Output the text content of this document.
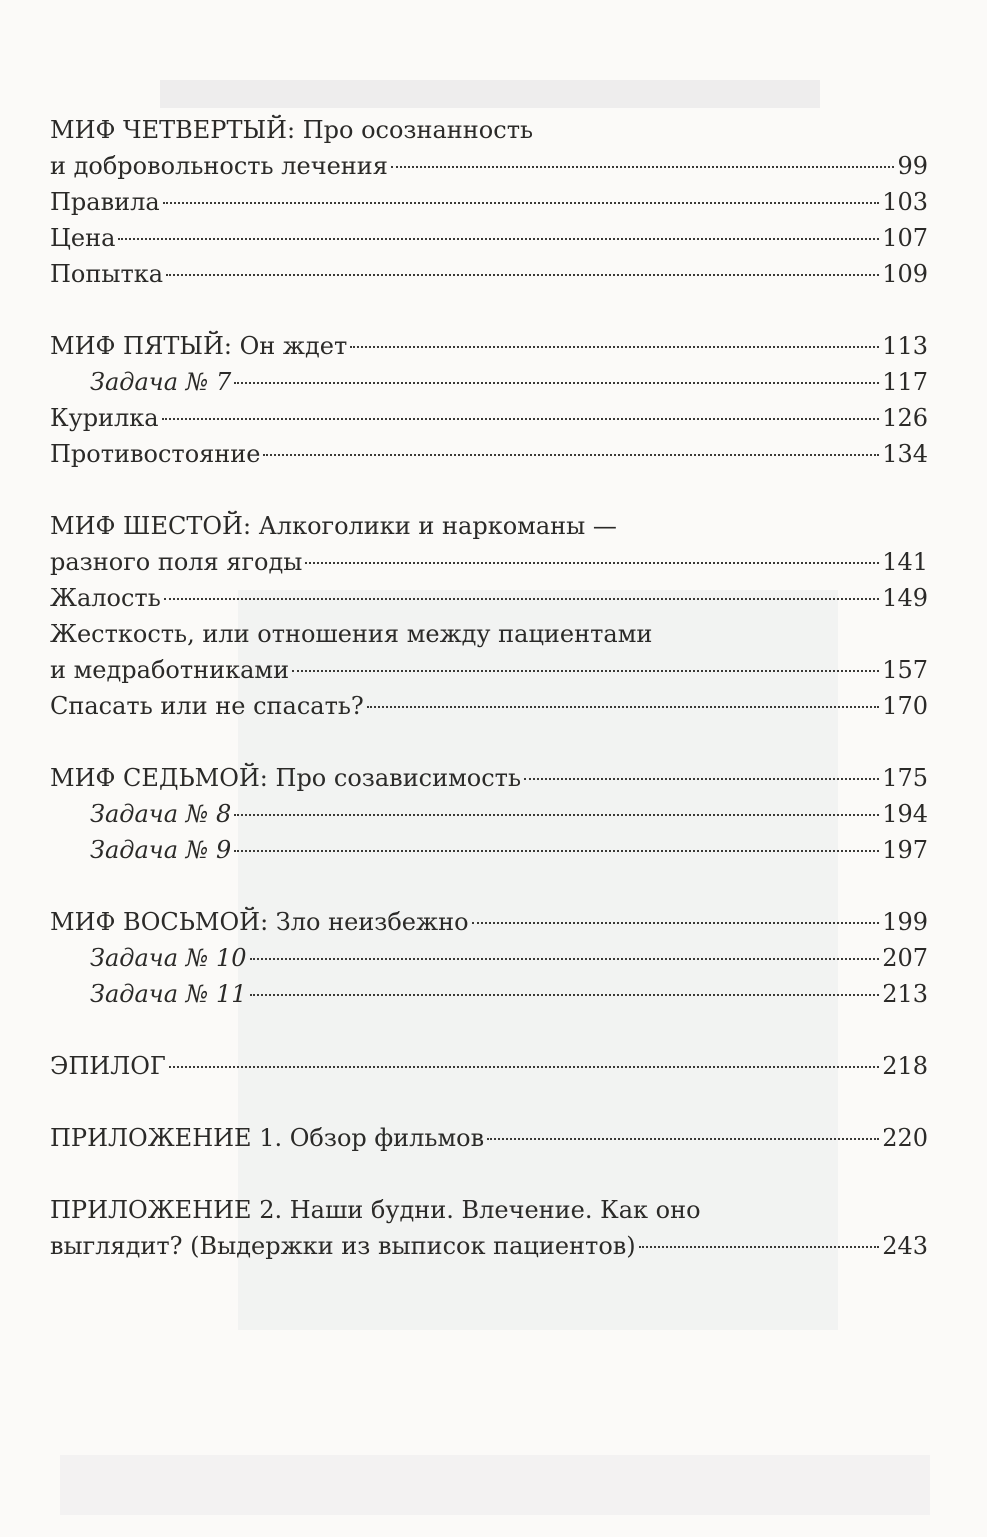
МИФ ЧЕТВЕРТЫЙ: Про осознанность
и добровольность лечения	99
Правила	103
Цена	107
Попытка	109
МИФ ПЯТЫЙ: Он ждет	113
Задача № 7	117
Курилка	126
Противостояние	134
МИФ ШЕСТОЙ: Алкоголики и наркоманы —
разного поля ягоды	141
Жалость	149
Жесткость, или отношения между пациентами
и медработниками	157
Спасать или не спасать?	170
МИФ СЕДЬМОЙ: Про созависимость	175
Задача № 8	194
Задача № 9	197
МИФ ВОСЬМОЙ: Зло неизбежно	199
Задача № 10	207
Задача № 11	213
ЭПИЛОГ	218
ПРИЛОЖЕНИЕ 1. Обзор фильмов	220
ПРИЛОЖЕНИЕ 2. Наши будни. Влечение. Как оно
выглядит? (Выдержки из выписок пациентов)	243
